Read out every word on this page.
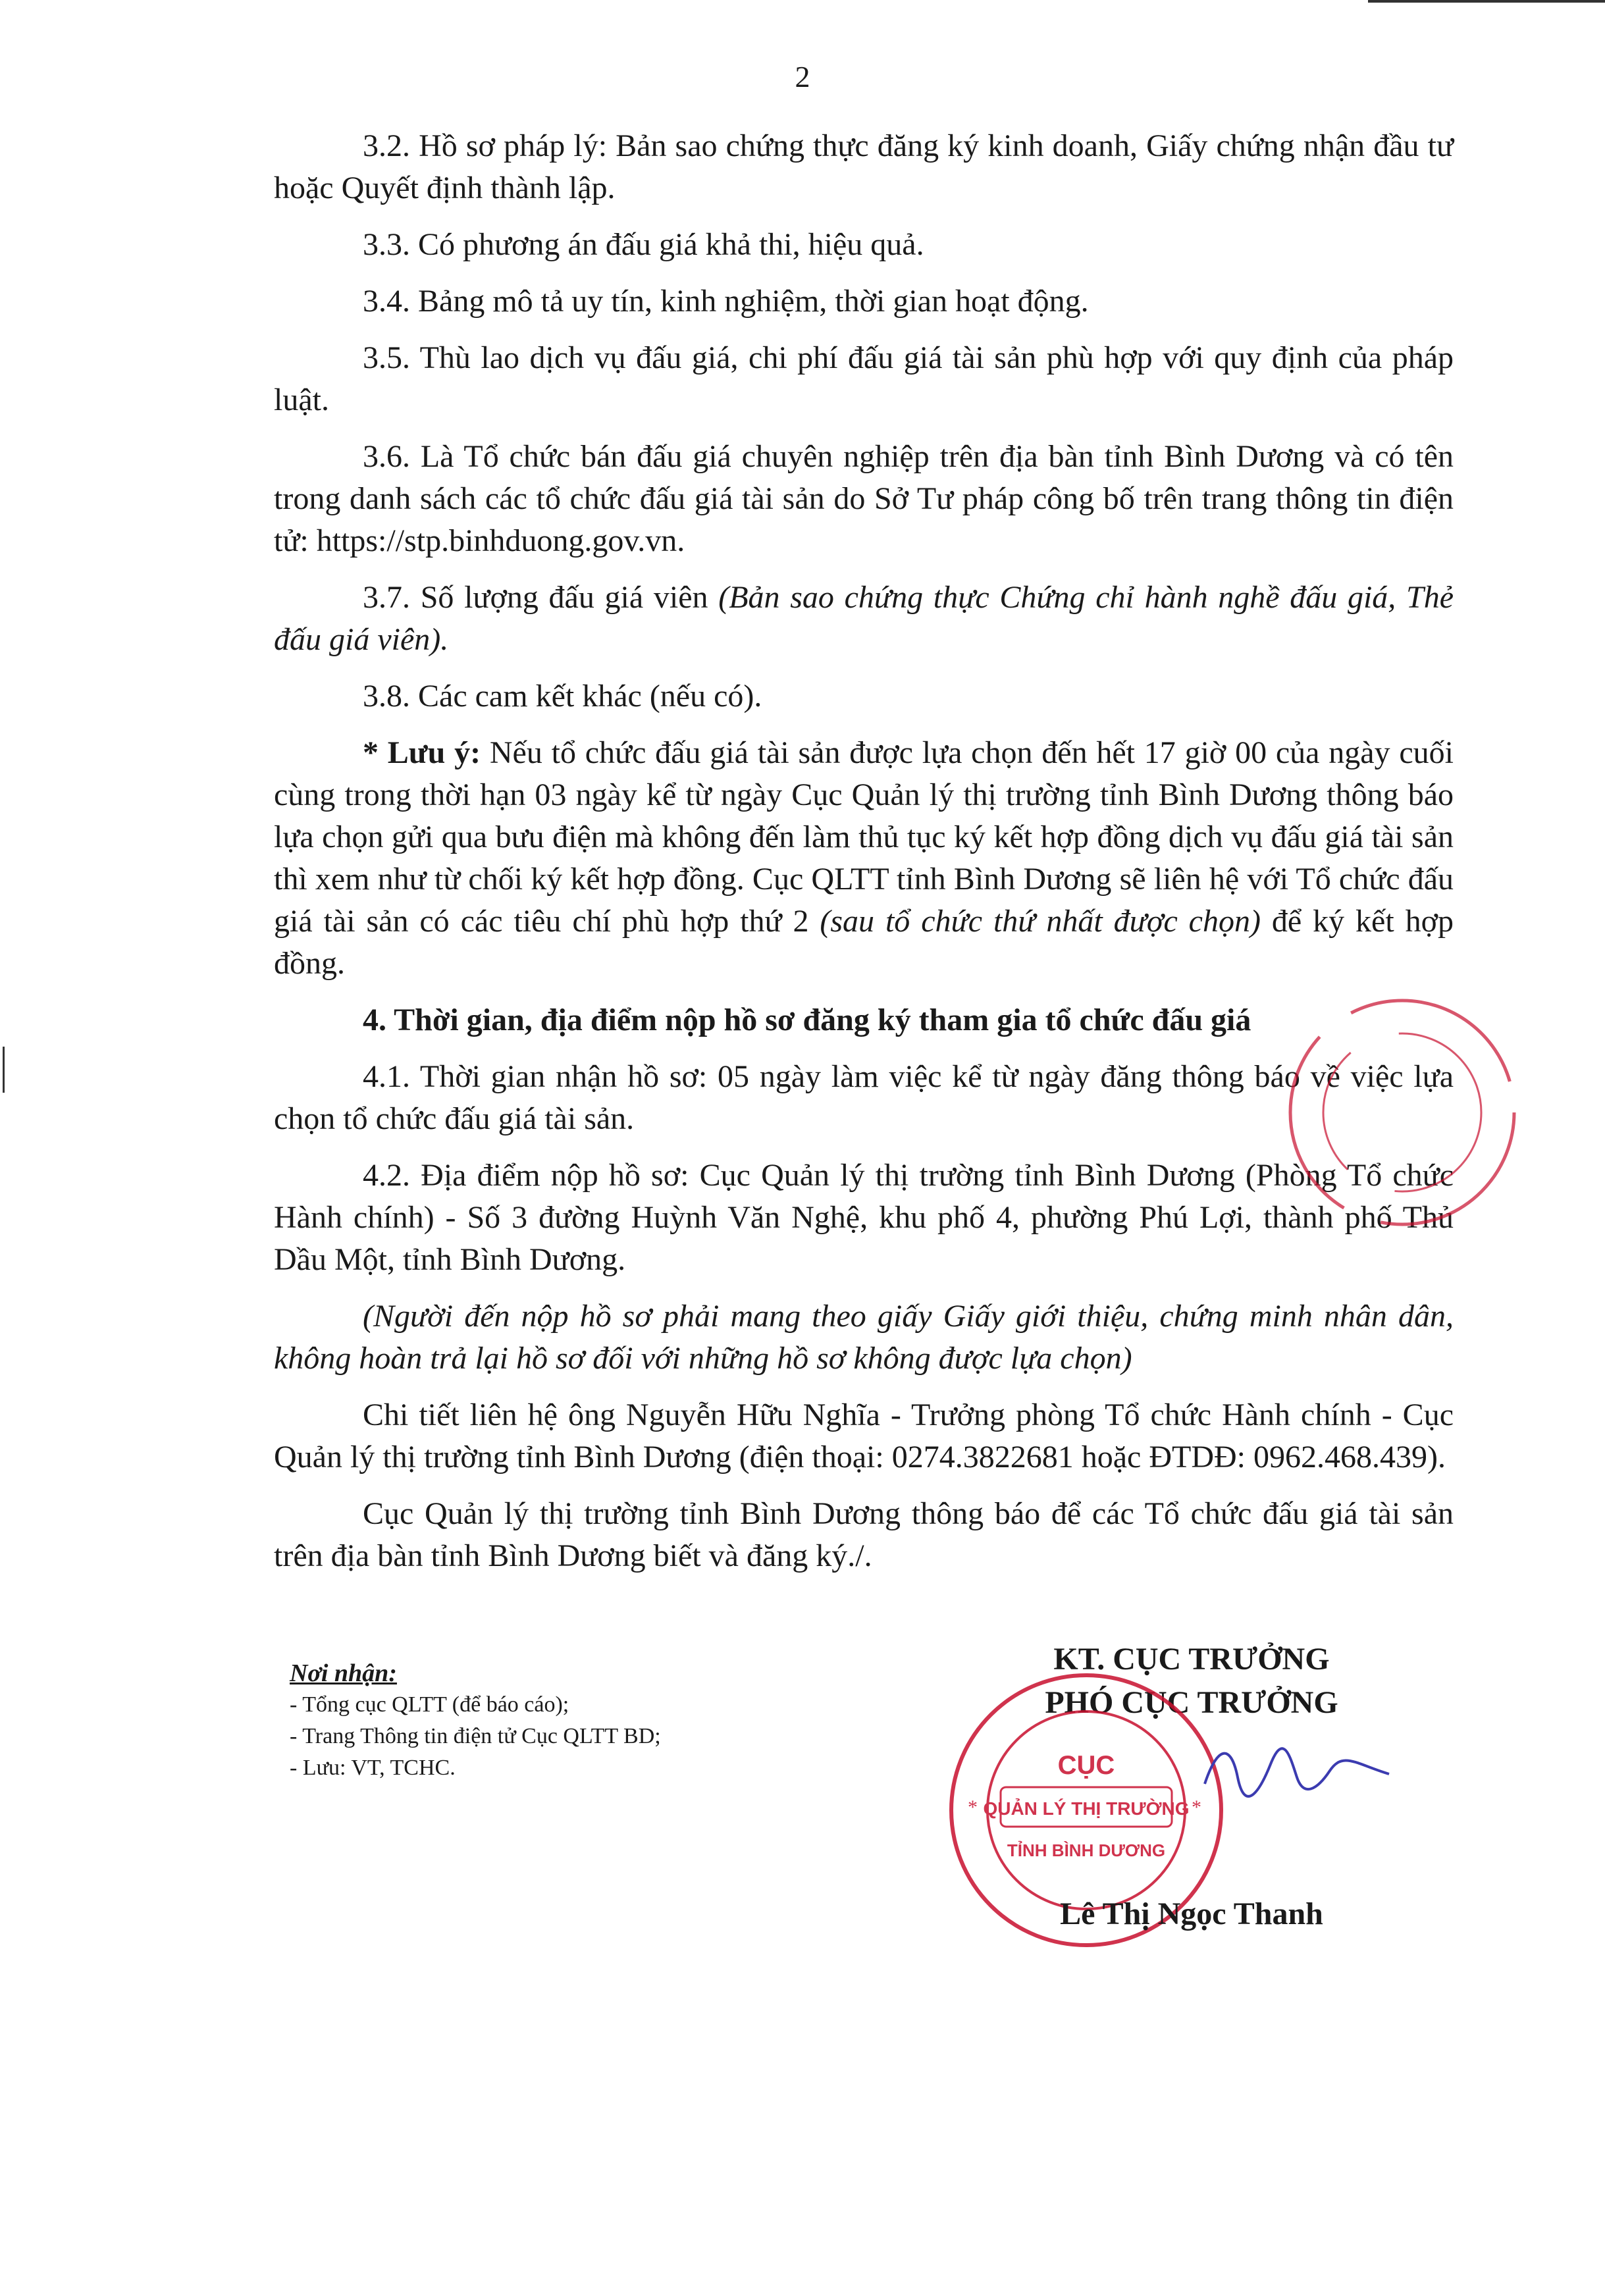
2

3.2. Hồ sơ pháp lý: Bản sao chứng thực đăng ký kinh doanh, Giấy chứng nhận đầu tư hoặc Quyết định thành lập.

3.3. Có phương án đấu giá khả thi, hiệu quả.

3.4. Bảng mô tả uy tín, kinh nghiệm, thời gian hoạt động.

3.5. Thù lao dịch vụ đấu giá, chi phí đấu giá tài sản phù hợp với quy định của pháp luật.

3.6. Là Tổ chức bán đấu giá chuyên nghiệp trên địa bàn tỉnh Bình Dương và có tên trong danh sách các tổ chức đấu giá tài sản do Sở Tư pháp công bố trên trang thông tin điện tử: https://stp.binhduong.gov.vn.

3.7. Số lượng đấu giá viên (Bản sao chứng thực Chứng chỉ hành nghề đấu giá, Thẻ đấu giá viên).

3.8. Các cam kết khác (nếu có).

* Lưu ý: Nếu tổ chức đấu giá tài sản được lựa chọn đến hết 17 giờ 00 của ngày cuối cùng trong thời hạn 03 ngày kể từ ngày Cục Quản lý thị trường tỉnh Bình Dương thông báo lựa chọn gửi qua bưu điện mà không đến làm thủ tục ký kết hợp đồng dịch vụ đấu giá tài sản thì xem như từ chối ký kết hợp đồng. Cục QLTT tỉnh Bình Dương sẽ liên hệ với Tổ chức đấu giá tài sản có các tiêu chí phù hợp thứ 2 (sau tổ chức thứ nhất được chọn) để ký kết hợp đồng.

4. Thời gian, địa điểm nộp hồ sơ đăng ký tham gia tổ chức đấu giá

4.1. Thời gian nhận hồ sơ: 05 ngày làm việc kể từ ngày đăng thông báo về việc lựa chọn tổ chức đấu giá tài sản.

4.2. Địa điểm nộp hồ sơ: Cục Quản lý thị trường tỉnh Bình Dương (Phòng Tổ chức Hành chính) - Số 3 đường Huỳnh Văn Nghệ, khu phố 4, phường Phú Lợi, thành phố Thủ Dầu Một, tỉnh Bình Dương.

(Người đến nộp hồ sơ phải mang theo giấy Giấy giới thiệu, chứng minh nhân dân, không hoàn trả lại hồ sơ đối với những hồ sơ không được lựa chọn)

Chi tiết liên hệ ông Nguyễn Hữu Nghĩa - Trưởng phòng Tổ chức Hành chính - Cục Quản lý thị trường tỉnh Bình Dương (điện thoại: 0274.3822681 hoặc ĐTDĐ: 0962.468.439).

Cục Quản lý thị trường tỉnh Bình Dương thông báo để các Tổ chức đấu giá tài sản trên địa bàn tỉnh Bình Dương biết và đăng ký./.

Nơi nhận:
- Tổng cục QLTT (để báo cáo);
- Trang Thông tin điện tử Cục QLTT BD;
- Lưu: VT, TCHC.
KT. CỤC TRƯỞNG
PHÓ CỤC TRƯỞNG
CỤC
QUẢN LÝ THỊ TRƯỜNG
TỈNH BÌNH DƯƠNG
*	*
Lê Thị Ngọc Thanh
